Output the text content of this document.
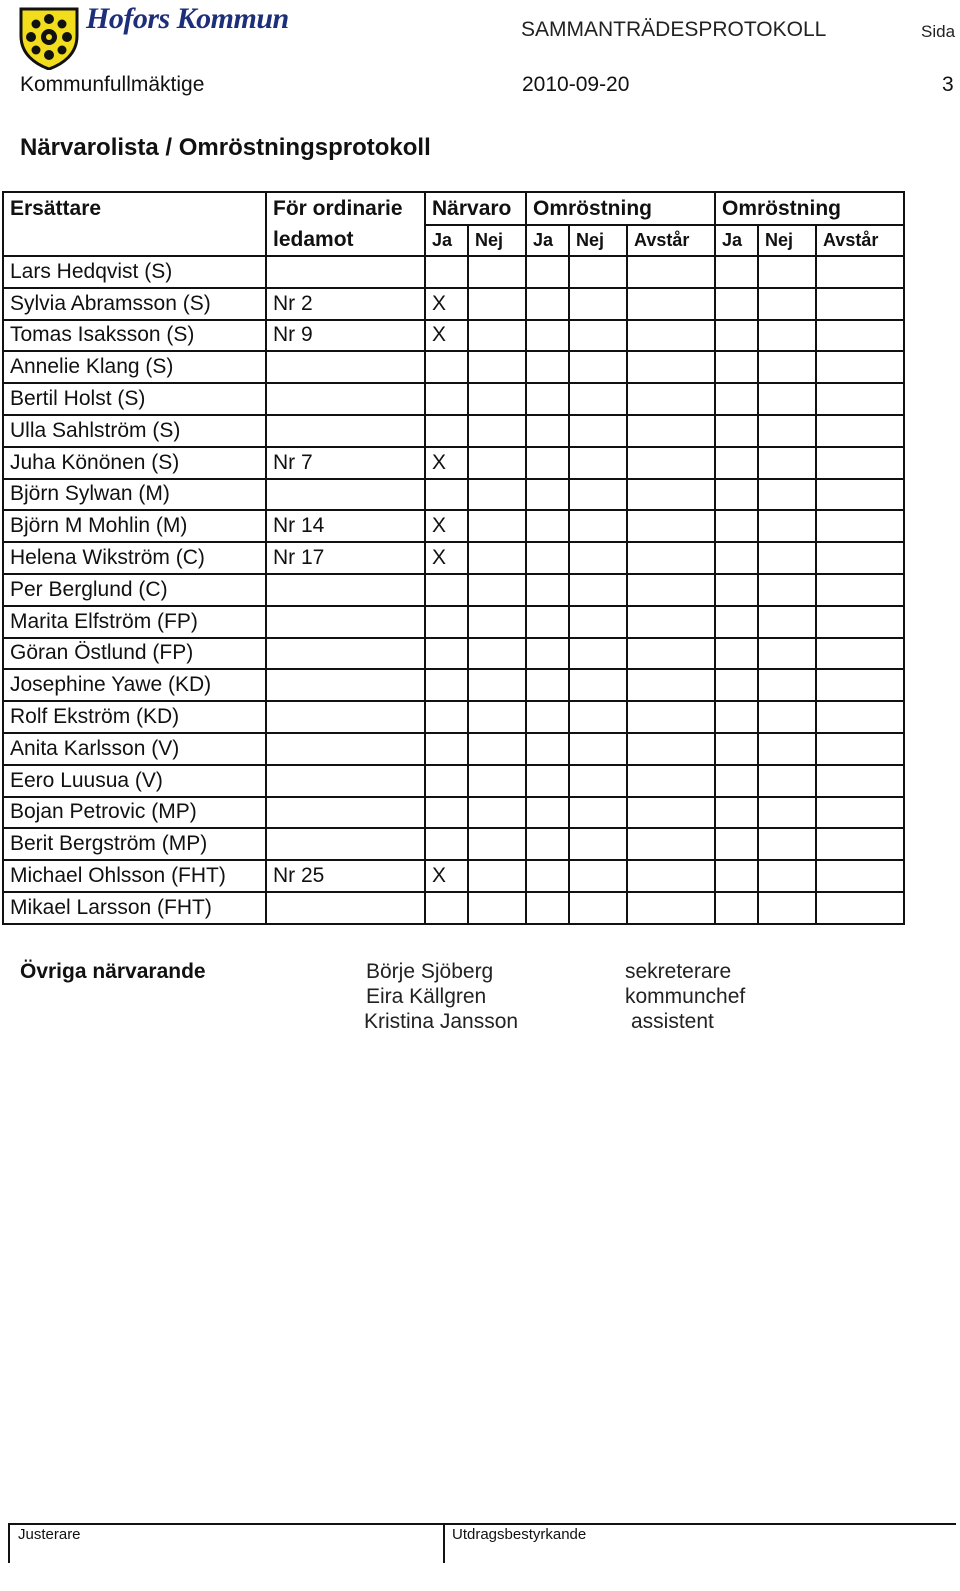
Hofors Kommun	SAMMANTRÄDESPROTOKOLL	Sida
Kommunfullmäktige	2010-09-20	3
Närvarolista / Omröstningsprotokoll
Ersättare	För ordinarie	Närvaro		Omröstning			Omröstning		
	ledamot	Ja	Nej	Ja	Nej	Avstår	Ja	Nej	Avstår
Lars Hedqvist (S)									
Sylvia Abramsson (S)	Nr 2	X							
Tomas Isaksson (S)	Nr 9	X							
Annelie Klang (S)									
Bertil Holst (S)									
Ulla Sahlström (S)									
Juha Könönen (S)	Nr 7	X							
Björn Sylwan (M)									
Björn M Mohlin (M)	Nr 14	X							
Helena Wikström (C)	Nr 17	X							
Per Berglund (C)									
Marita Elfström (FP)									
Göran Östlund (FP)									
Josephine Yawe (KD)									
Rolf Ekström (KD)									
Anita Karlsson (V)									
Eero Luusua (V)									
Bojan Petrovic (MP)									
Berit Bergström (MP)									
Michael Ohlsson (FHT)	Nr 25	X							
Mikael Larsson (FHT)									
Övriga närvarande	Börje Sjöberg	sekreterare
Eira Källgren	kommunchef
Kristina Jansson	assistent
Justerare	Utdragsbestyrkande
